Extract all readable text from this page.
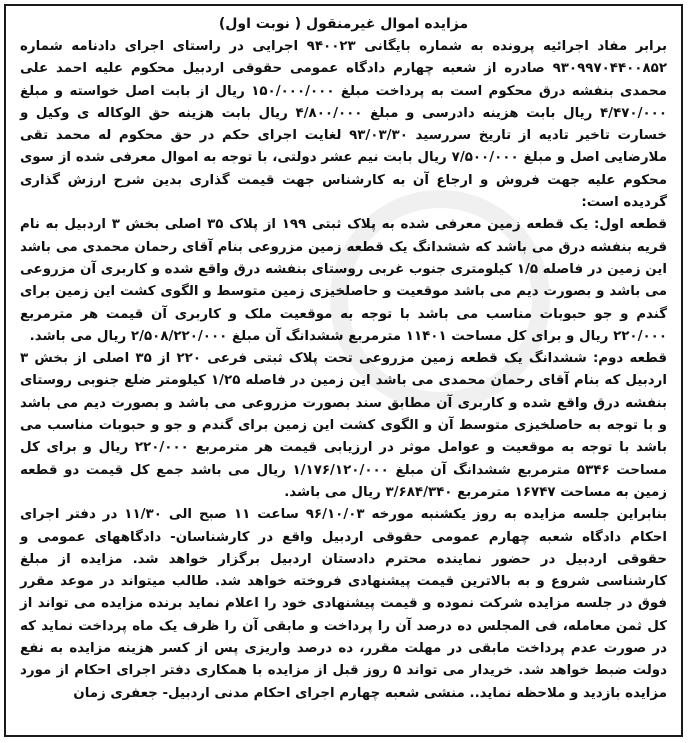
مزایده اموال غیرمنقول ( نوبت اول)

برابر مفاد اجرائیه پرونده به شماره بایگانی ۹۴۰۰۲۳ اجرایی در راستای اجرای دادنامه شماره ۹۳۰۹۹۷۰۴۴۰۰۸۵۲ صادره از شعبه چهارم دادگاه عمومی حقوقی اردبیل محکوم علیه احمد علی محمدی بنفشه درق محکوم است به پرداخت مبلغ ۱۵۰/۰۰۰/۰۰۰ ریال از بابت اصل خواسته و مبلغ ۴/۴۷۰/۰۰۰ ریال بابت هزینه دادرسی و مبلغ ۴/۸۰۰/۰۰۰ ریال بابت هزینه حق الوکاله ی وکیل و خسارت تاخیر تادیه از تاریخ سررسید ۹۳/۰۳/۳۰ لغایت اجرای حکم در حق محکوم له محمد تقی ملارضایی اصل و مبلغ ۷/۵۰۰/۰۰۰ ریال بابت نیم عشر دولتی، با توجه به اموال معرفی شده از سوی محکوم علیه جهت فروش و ارجاع آن به کارشناس جهت قیمت گذاری بدین شرح ارزش گذاری گردیده است:

قطعه اول: یک قطعه زمین معرفی شده به پلاک ثبتی ۱۹۹ از پلاک ۳۵ اصلی بخش ۳ اردبیل به نام قریه بنفشه درق می باشد که ششدانگ یک قطعه زمین مزروعی بنام آقای رحمان محمدی می باشد این زمین در فاصله ۱/۵ کیلومتری جنوب غربی روستای بنفشه درق واقع شده و کاربری آن مزروعی می باشد و بصورت دیم می باشد موقعیت و حاصلخیزی زمین متوسط و الگوی کشت این زمین برای گندم و جو حبوبات مناسب می باشد با توجه به موقعیت ملک و کاربری آن قیمت هر مترمربع ۲۲۰/۰۰۰ ریال و برای کل مساحت ۱۱۴۰۱ مترمربع ششدانگ آن مبلغ ۲/۵۰۸/۲۲۰/۰۰۰ ریال می باشد.

قطعه دوم: ششدانگ یک قطعه زمین مزروعی تحت پلاک ثبتی فرعی ۲۲۰ از ۳۵ اصلی از بخش ۳ اردبیل که بنام آقای رحمان محمدی می باشد این زمین در فاصله ۱/۲۵ کیلومتر ضلع جنوبی روستای بنفشه درق واقع شده و کاربری آن مطابق سند بصورت مزروعی می باشد و بصورت دیم می باشد و با توجه به حاصلخیزی متوسط آن و الگوی کشت این زمین برای گندم و جو و حبوبات مناسب می باشد با توجه به موقعیت و عوامل موثر در ارزیابی قیمت هر مترمربع ۲۲۰/۰۰۰ ریال و برای کل مساحت ۵۳۴۶ مترمربع ششدانگ آن مبلغ ۱/۱۷۶/۱۲۰/۰۰۰ ریال می باشد جمع کل قیمت دو قطعه زمین به مساحت ۱۶۷۴۷ مترمربع ۳/۶۸۴/۳۴۰ ریال می باشد.

بنابراین جلسه مزایده به روز یکشنبه مورخه ۹۶/۱۰/۰۳ ساعت ۱۱ صبح الی ۱۱/۳۰ در دفتر اجرای احکام دادگاه شعبه چهارم عمومی حقوقی اردبیل واقع در کارشناسان- دادگاههای عمومی و حقوقی اردبیل در حضور نماینده محترم دادستان اردبیل برگزار خواهد شد. مزایده از مبلغ کارشناسی شروع و به بالاترین قیمت پیشنهادی فروخته خواهد شد. طالب میتواند در موعد مقرر فوق در جلسه مزایده شرکت نموده و قیمت پیشنهادی خود را اعلام نماید برنده مزایده می تواند از کل ثمن معامله، فی المجلس ده درصد آن را پرداخت و مابقی آن را ظرف یک ماه پرداخت نماید که در صورت عدم پرداخت مابقی در مهلت مقرر، ده درصد واریزی پس از کسر هزینه مزایده به نفع دولت ضبط خواهد شد. خریدار می تواند ۵ روز قبل از مزایده با همکاری دفتر اجرای احکام از مورد مزایده بازدید و ملاحظه نماید.. منشی شعبه چهارم اجرای احکام مدنی اردبیل- جعفری زمان
